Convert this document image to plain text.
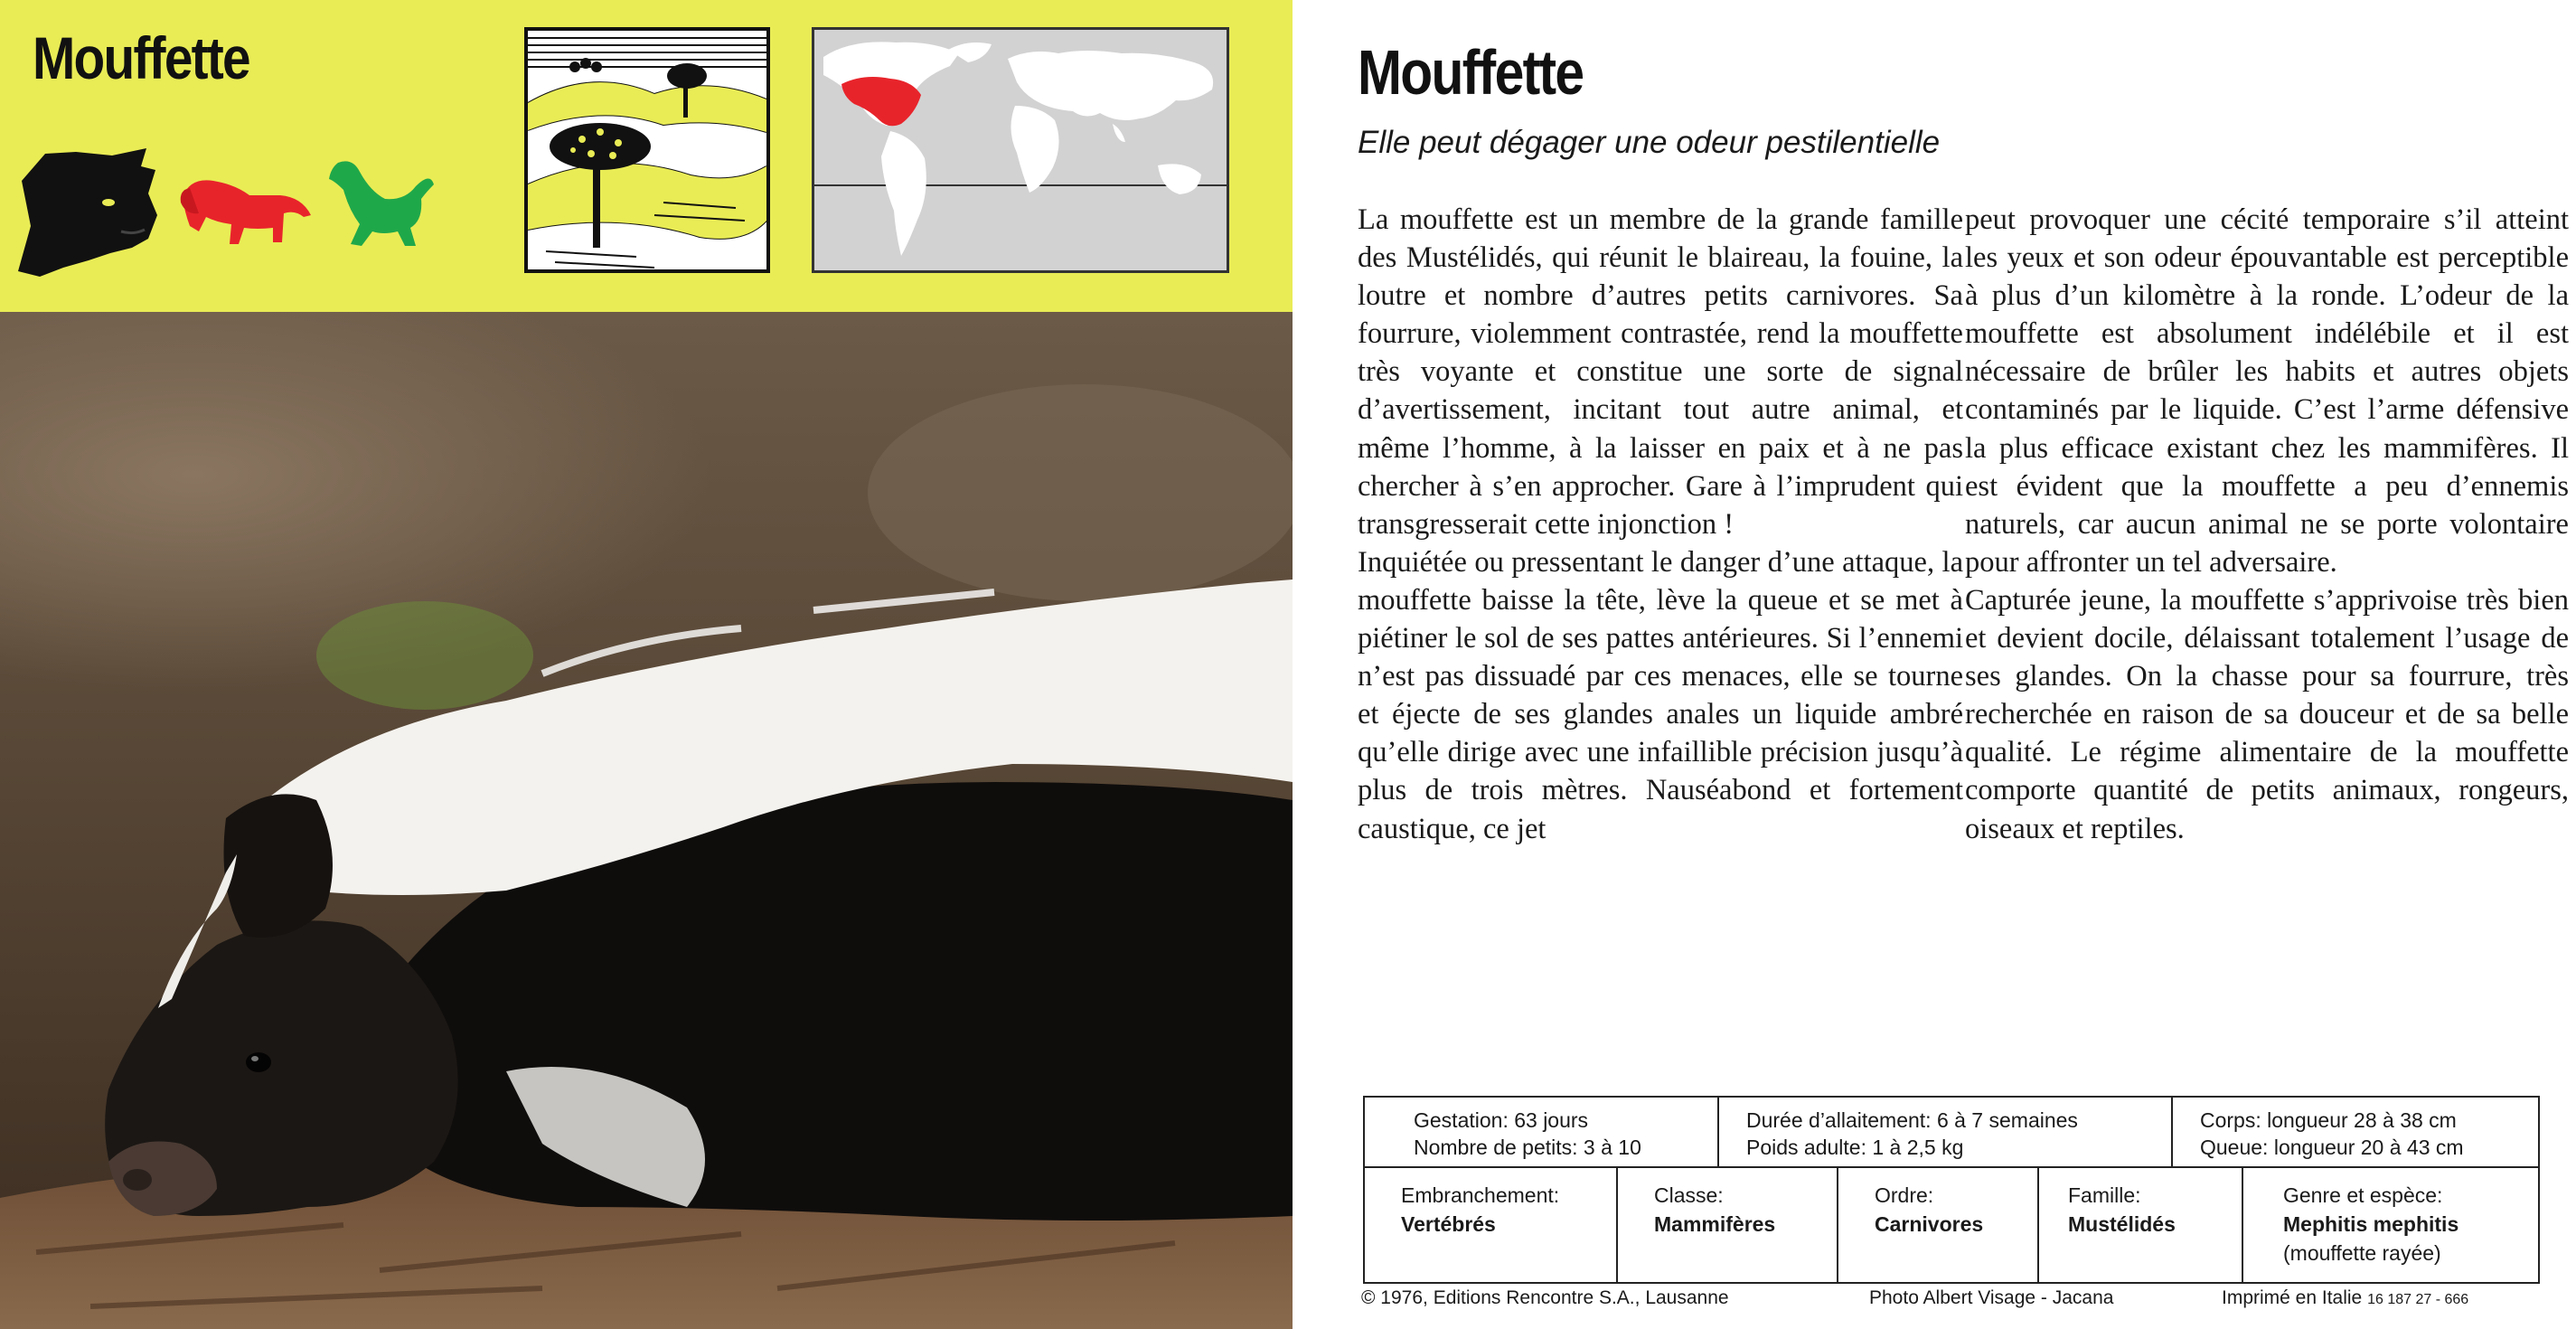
Mouffette	Mouffette
Elle peut dégager une odeur pestilentielle

La mouffette est un membre de la grande famille des Mustélidés, qui réunit le blaireau, la fouine, la loutre et nombre d’autres petits carnivores. Sa fourrure, violemment contrastée, rend la mouffette très voyante et constitue une sorte de signal d’avertissement, incitant tout autre animal, et même l’homme, à la laisser en paix et à ne pas chercher à s’en approcher. Gare à l’imprudent qui transgresserait cette injonction !

Inquiétée ou pressentant le danger d’une attaque, la mouffette baisse la tête, lève la queue et se met à piétiner le sol de ses pattes antérieures. Si l’ennemi n’est pas dissuadé par ces menaces, elle se tourne et éjecte de ses glandes anales un liquide ambré qu’elle dirige avec une infaillible précision jusqu’à plus de trois mètres. Nauséabond et fortement caustique, ce jet

peut provoquer une cécité temporaire s’il atteint les yeux et son odeur épouvantable est perceptible à plus d’un kilomètre à la ronde. L’odeur de la mouffette est absolument indélébile et il est nécessaire de brûler les habits et autres objets contaminés par le liquide. C’est l’arme défensive la plus efficace existant chez les mammifères. Il est évident que la mouffette a peu d’ennemis naturels, car aucun animal ne se porte volontaire pour affronter un tel adversaire.

Capturée jeune, la mouffette s’apprivoise très bien et devient docile, délaissant totalement l’usage de ses glandes. On la chasse pour sa fourrure, très recherchée en raison de sa douceur et de sa belle qualité. Le régime alimentaire de la mouffette comporte quantité de petits animaux, rongeurs, oiseaux et reptiles.

Gestation: 63 jours
Nombre de petits: 3 à 10
Durée d’allaitement: 6 à 7 semaines
Poids adulte: 1 à 2,5 kg
Corps: longueur 28 à 38 cm
Queue: longueur 20 à 43 cm
Embranchement:
Vertébrés
Classe:
Mammifères
Ordre:
Carnivores
Famille:
Mustélidés
Genre et espèce:
Mephitis mephitis
(mouffette rayée)
© 1976, Editions Rencontre S.A., Lausanne	Photo Albert Visage - Jacana	Imprimé en Italie 16 187 27 - 666
